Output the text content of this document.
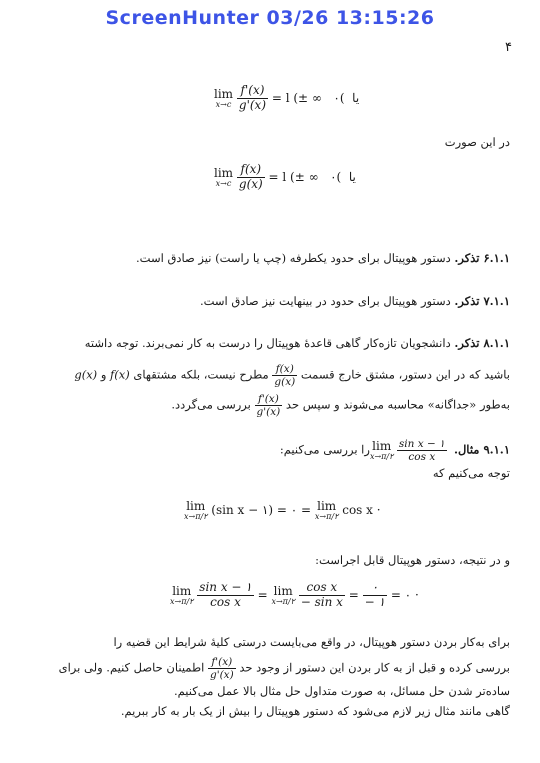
ScreenHunter 03/26 13:15:26
۴
lim
x→c
$\frac{f'(x)}{g'(x)} = l$ (± ∞	یا  )۰
در این صورت
lim
x→c
$\frac{f(x)}{g(x)} = l$ (± ∞	یا  )۰
۶.۱.۱ تذکر. دستور هوپیتال برای حدود یکطرفه (چپ یا راست) نیز صادق است.
۷.۱.۱ تذکر. دستور هوپیتال برای حدود در بینهایت نیز صادق است.
۸.۱.۱ تذکر. دانشجویان تازه‌کار گاهی قاعدهٔ هوپیتال را درست به کار نمی‌برند. توجه داشته
باشید که در این دستور، مشتق خارج قسمت
$\frac{f(x)}{g(x)}$
مطرح نیست، بلکه مشتقهای f(x) و g(x)
به‌طور «جداگانه» محاسبه می‌شوند و سپس حد
$\frac{f'(x)}{g'(x)}$
بررسی می‌گردد.
۹.۱.۱ مثال. lim
x→π/۲
$\frac{\text{sin x − ۱}}{\text{cos x}}$
را بررسی می‌کنیم:
توجه می‌کنیم که
lim
x→π/۲ (sin x − ۱) = ۰ = lim
x→π/۲ cos x ·
و در نتیجه، دستور هوپیتال قابل اجراست:
lim
x→π/۲
$\frac{\text{sin x − ۱}}{\text{cos x}} = \lim$
x→π/۲
$\frac{\text{cos x}}{\text{− sin x}} = \frac{۰}{- ۱}$ = ۰ ·
برای به‌کار بردن دستور هوپیتال، در واقع می‌بایست درستی کلیهٔ شرایط این قضیه را
بررسی کرده و قبل از به کار بردن این دستور از وجود حد
$\frac{f'(x)}{g'(x)}$
اطمینان حاصل کنیم. ولی برای
ساده‌تر شدن حل مسائل، به صورت متداول حل مثال بالا عمل می‌کنیم.
گاهی مانند مثال زیر لازم می‌شود که دستور هوپیتال را بیش از یک بار به کار ببریم.
